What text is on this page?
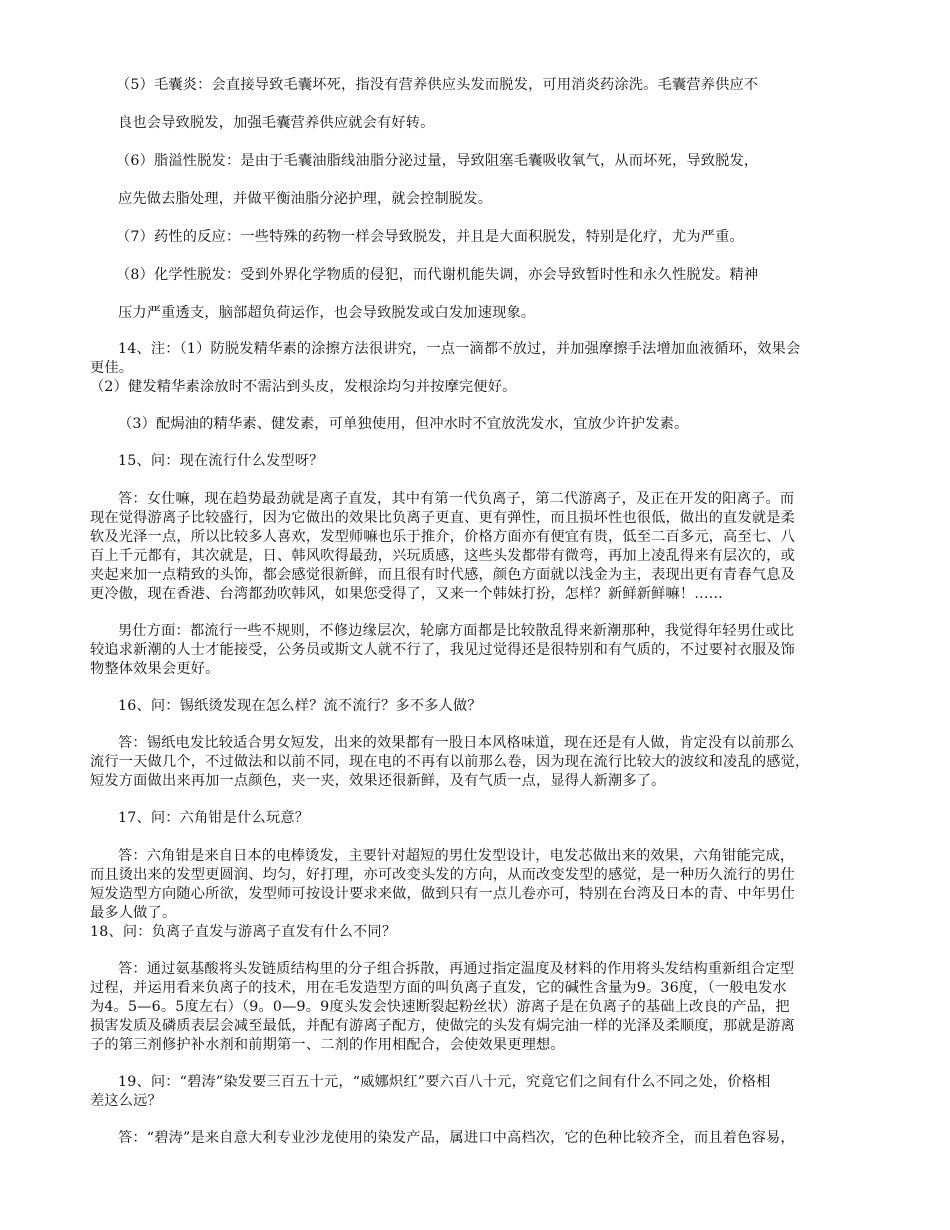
（5）毛囊炎：会直接导致毛囊坏死，指没有营养供应头发而脱发，可用消炎药涂洗。毛囊营养供应不
良也会导致脱发，加强毛囊营养供应就会有好转。
（6）脂溢性脱发：是由于毛囊油脂线油脂分泌过量，导致阻塞毛囊吸收氧气，从而坏死，导致脱发，
应先做去脂处理，并做平衡油脂分泌护理，就会控制脱发。
（7）药性的反应：一些特殊的药物一样会导致脱发，并且是大面积脱发，特别是化疗，尤为严重。
（8）化学性脱发：受到外界化学物质的侵犯，而代谢机能失调，亦会导致暂时性和永久性脱发。精神
压力严重透支，脑部超负荷运作，也会导致脱发或白发加速现象。
14、注：（1）防脱发精华素的涂擦方法很讲究，一点一滴都不放过，并加强摩擦手法增加血液循环，效果会
更佳。
（2）健发精华素涂放时不需沾到头皮，发根涂均匀并按摩完便好。
（3）配焗油的精华素、健发素，可单独使用，但冲水时不宜放洗发水，宜放少许护发素。
15、问：现在流行什么发型呀？
答：女仕嘛，现在趋势最劲就是离子直发，其中有第一代负离子，第二代游离子，及正在开发的阳离子。而
现在觉得游离子比较盛行，因为它做出的效果比负离子更直、更有弹性，而且损坏性也很低，做出的直发就是柔
软及光泽一点，所以比较多人喜欢，发型师嘛也乐于推介，价格方面亦有便宜有贵，低至二百多元，高至七、八
百上千元都有，其次就是，日、韩风吹得最劲，兴玩质感，这些头发都带有微弯，再加上凌乱得来有层次的，或
夹起来加一点精致的头饰，都会感觉很新鲜，而且很有时代感，颜色方面就以浅金为主，表现出更有青春气息及
更冷傲，现在香港、台湾都劲吹韩风，如果您受得了，又来一个韩妹打扮，怎样？新鲜新鲜嘛！……
男仕方面：都流行一些不规则，不修边缘层次，轮廓方面都是比较散乱得来新潮那种，我觉得年轻男仕或比
较追求新潮的人士才能接受，公务员或斯文人就不行了，我见过觉得还是很特别和有气质的，不过要衬衣服及饰
物整体效果会更好。
16、问：锡纸烫发现在怎么样？流不流行？多不多人做？
答：锡纸电发比较适合男女短发，出来的效果都有一股日本风格味道，现在还是有人做，肯定没有以前那么
流行一天做几个，不过做法和以前不同，现在电的不再有以前那么卷，因为现在流行比较大的波纹和凌乱的感觉，
短发方面做出来再加一点颜色，夹一夹，效果还很新鲜，及有气质一点，显得人新潮多了。
17、问：六角钳是什么玩意？
答：六角钳是来自日本的电棒烫发，主要针对超短的男仕发型设计，电发芯做出来的效果，六角钳能完成，
而且烫出来的发型更圆润、均匀，好打理，亦可改变头发的方向，从而改变发型的感觉，是一种历久流行的男仕
短发造型方向随心所欲，发型师可按设计要求来做，做到只有一点儿卷亦可，特别在台湾及日本的青、中年男仕
最多人做了。
18、问：负离子直发与游离子直发有什么不同？
答：通过氨基酸将头发链质结构里的分子组合拆散，再通过指定温度及材料的作用将头发结构重新组合定型
过程，并运用看来负离子的技术，用在毛发造型方面的叫负离子直发，它的碱性含量为9。36度，（一般电发水
为4。5—6。5度左右）（9。0—9。9度头发会快速断裂起粉丝状）游离子是在负离子的基础上改良的产品，把
损害发质及磷质表层会减至最低，并配有游离子配方，使做完的头发有焗完油一样的光泽及柔顺度，那就是游离
子的第三剂修护补水剂和前期第一、二剂的作用相配合，会使效果更理想。
19、问：“碧涛”染发要三百五十元，“威娜炽红”要六百八十元，究竟它们之间有什么不同之处，价格相
差这么远？
答：“碧涛”是来自意大利专业沙龙使用的染发产品，属进口中高档次，它的色种比较齐全，而且着色容易，
